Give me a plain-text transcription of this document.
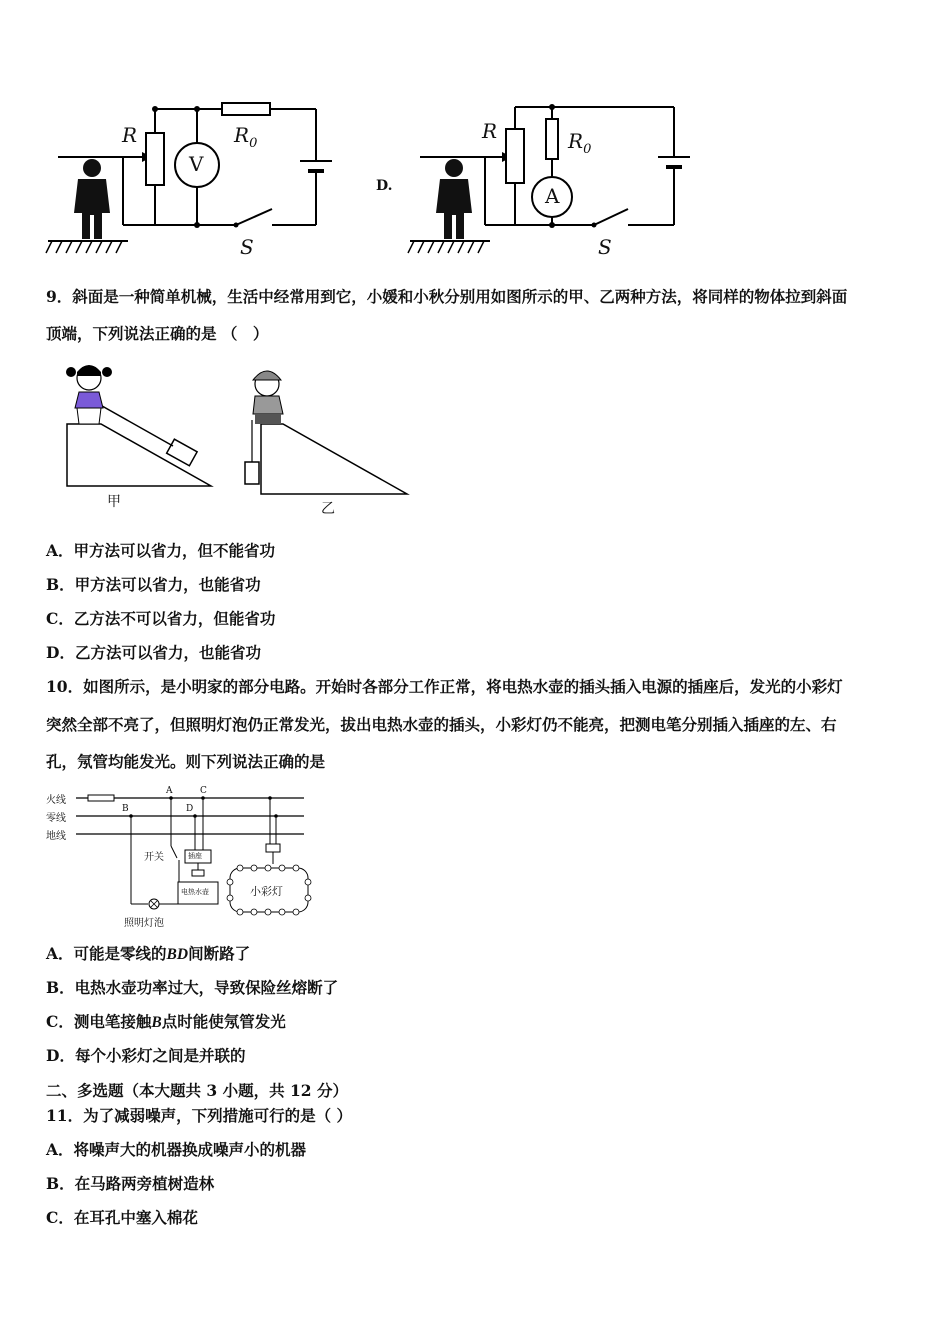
R	$R_0$
V
S
D.
R	$R_0$
A
S
9．斜面是一种简单机械，生活中经常用到它，小媛和小秋分别用如图所示的甲、乙两种方法，将同样的物体拉到斜面
顶端，下列说法正确的是 （　）
甲	乙
A．甲方法可以省力，但不能省功
B．甲方法可以省力，也能省功
C．乙方法不可以省力，但能省功
D．乙方法可以省力，也能省功
10．如图所示，是小明家的部分电路。开始时各部分工作正常，将电热水壶的插头插入电源的插座后，发光的小彩灯
突然全部不亮了，但照明灯泡仍正常发光，拔出电热水壶的插头，小彩灯仍不能亮，把测电笔分别插入插座的左、右
孔，氖管均能发光。则下列说法正确的是
火线
零线
地线
A
B
C
D
开关	插座
电热水壶
照明灯泡
小彩灯
A．可能是零线的BD间断路了
B．电热水壶功率过大，导致保险丝熔断了
C．测电笔接触B点时能使氖管发光
D．每个小彩灯之间是并联的
二、多选题（本大题共 3 小题，共 12 分）
11．为了减弱噪声，下列措施可行的是（ ）
A．将噪声大的机器换成噪声小的机器
B．在马路两旁植树造林
C．在耳孔中塞入棉花
